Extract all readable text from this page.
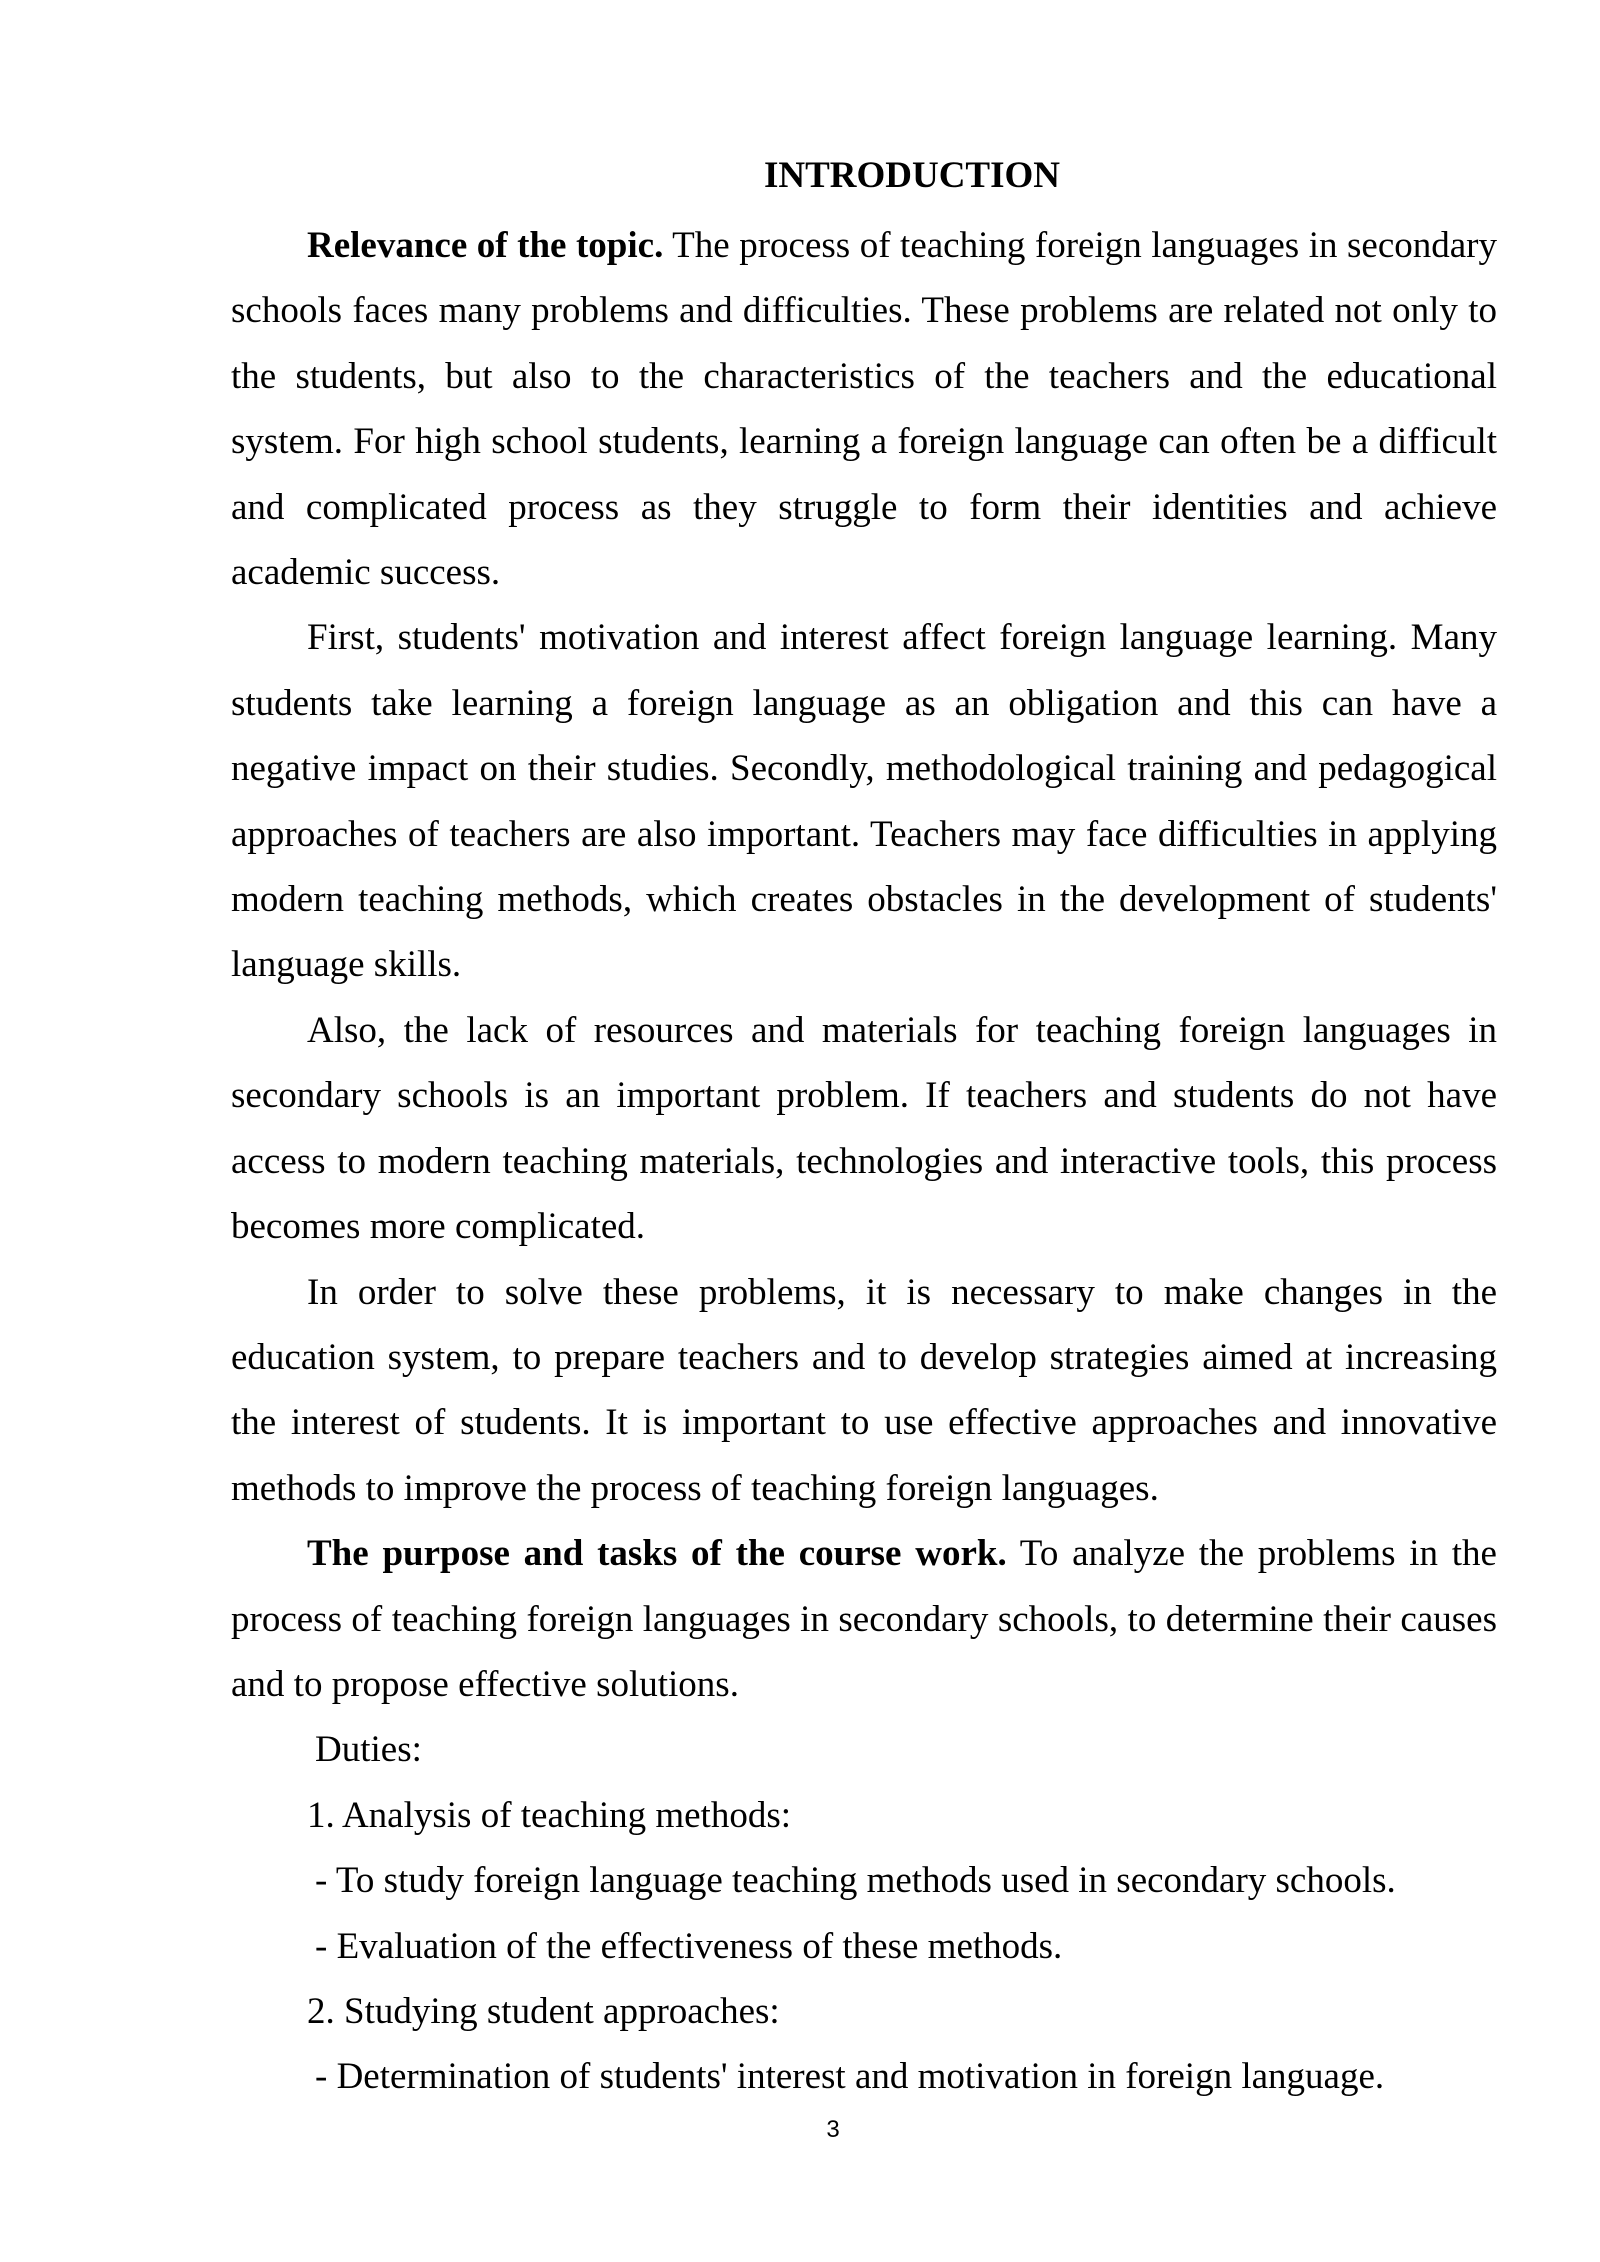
INTRODUCTION

Relevance of the topic. The process of teaching foreign languages in secondary schools faces many problems and difficulties. These problems are related not only to the students, but also to the characteristics of the teachers and the educational system. For high school students, learning a foreign language can often be a difficult and complicated process as they struggle to form their identities and achieve academic success.

First, students' motivation and interest affect foreign language learning. Many students take learning a foreign language as an obligation and this can have a negative impact on their studies. Secondly, methodological training and pedagogical approaches of teachers are also important. Teachers may face difficulties in applying modern teaching methods, which creates obstacles in the development of students' language skills.

Also, the lack of resources and materials for teaching foreign languages in secondary schools is an important problem. If teachers and students do not have access to modern teaching materials, technologies and interactive tools, this process becomes more complicated.

In order to solve these problems, it is necessary to make changes in the education system, to prepare teachers and to develop strategies aimed at increasing the interest of students. It is important to use effective approaches and innovative methods to improve the process of teaching foreign languages.

The purpose and tasks of the course work. To analyze the problems in the process of teaching foreign languages in secondary schools, to determine their causes and to propose effective solutions.

Duties:

1. Analysis of teaching methods:

- To study foreign language teaching methods used in secondary schools.

- Evaluation of the effectiveness of these methods.

2. Studying student approaches:

- Determination of students' interest and motivation in foreign language.

3
